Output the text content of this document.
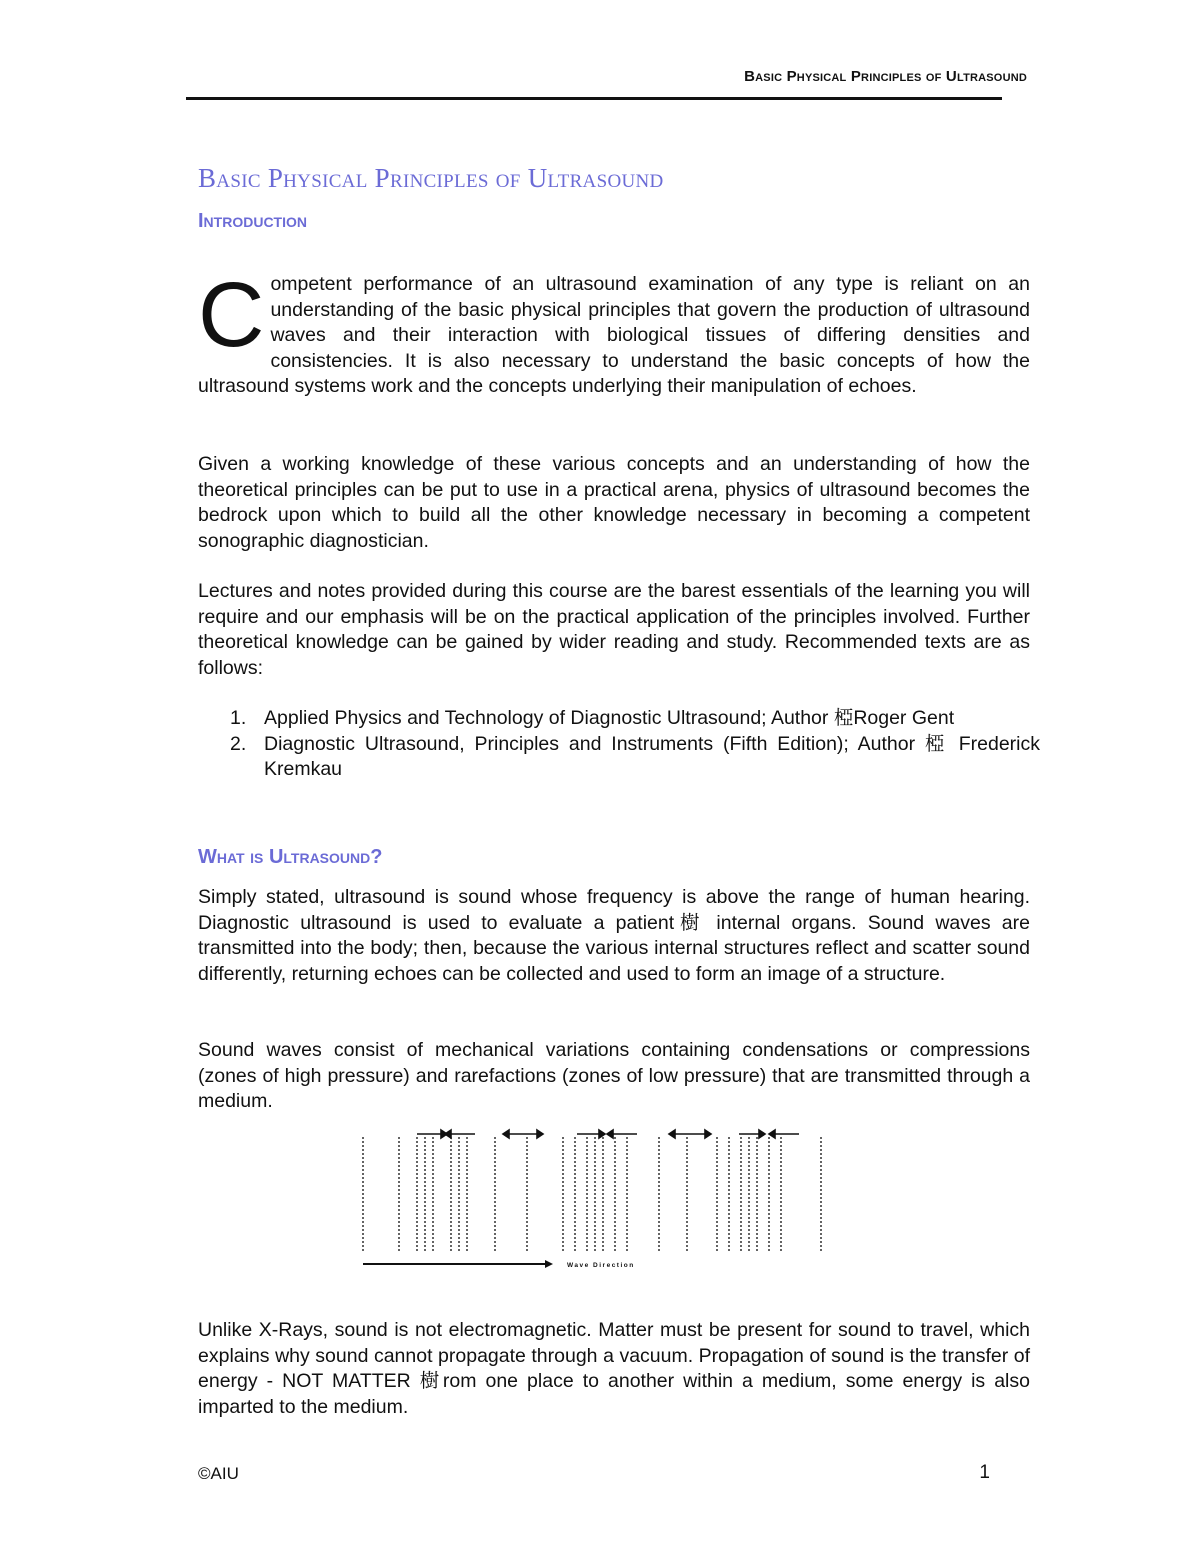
Basic Physical Principles of Ultrasound
Basic Physical Principles of Ultrasound
Introduction

Competent performance of an ultrasound examination of any type is reliant on an understanding of the basic physical principles that govern the production of ultrasound waves and their interaction with biological tissues of differing densities and consistencies. It is also necessary to understand the basic concepts of how the ultrasound systems work and the concepts underlying their manipulation of echoes.

Given a working knowledge of these various concepts and an understanding of how the theoretical principles can be put to use in a practical arena, physics of ultrasound becomes the bedrock upon which to build all the other knowledge necessary in becoming a competent sonographic diagnostician.

Lectures and notes provided during this course are the barest essentials of the learning you will require and our emphasis will be on the practical application of the principles involved. Further theoretical knowledge can be gained by wider reading and study. Recommended texts are as follows:

1. Applied Physics and Technology of Diagnostic Ultrasound; Author 椏Roger Gent
2. Diagnostic Ultrasound, Principles and Instruments (Fifth Edition); Author 椏 Frederick Kremkau
What is Ultrasound?

Simply stated, ultrasound is sound whose frequency is above the range of human hearing. Diagnostic ultrasound is used to evaluate a patient樹 internal organs. Sound waves are transmitted into the body; then, because the various internal structures reflect and scatter sound differently, returning echoes can be collected and used to form an image of a structure.

Sound waves consist of mechanical variations containing condensations or compressions (zones of high pressure) and rarefactions (zones of low pressure) that are transmitted through a medium.

Wave Direction

Unlike X-Rays, sound is not electromagnetic. Matter must be present for sound to travel, which explains why sound cannot propagate through a vacuum. Propagation of sound is the transfer of energy - NOT MATTER 樹rom one place to another within a medium, some energy is also imparted to the medium.

©AIU	1
